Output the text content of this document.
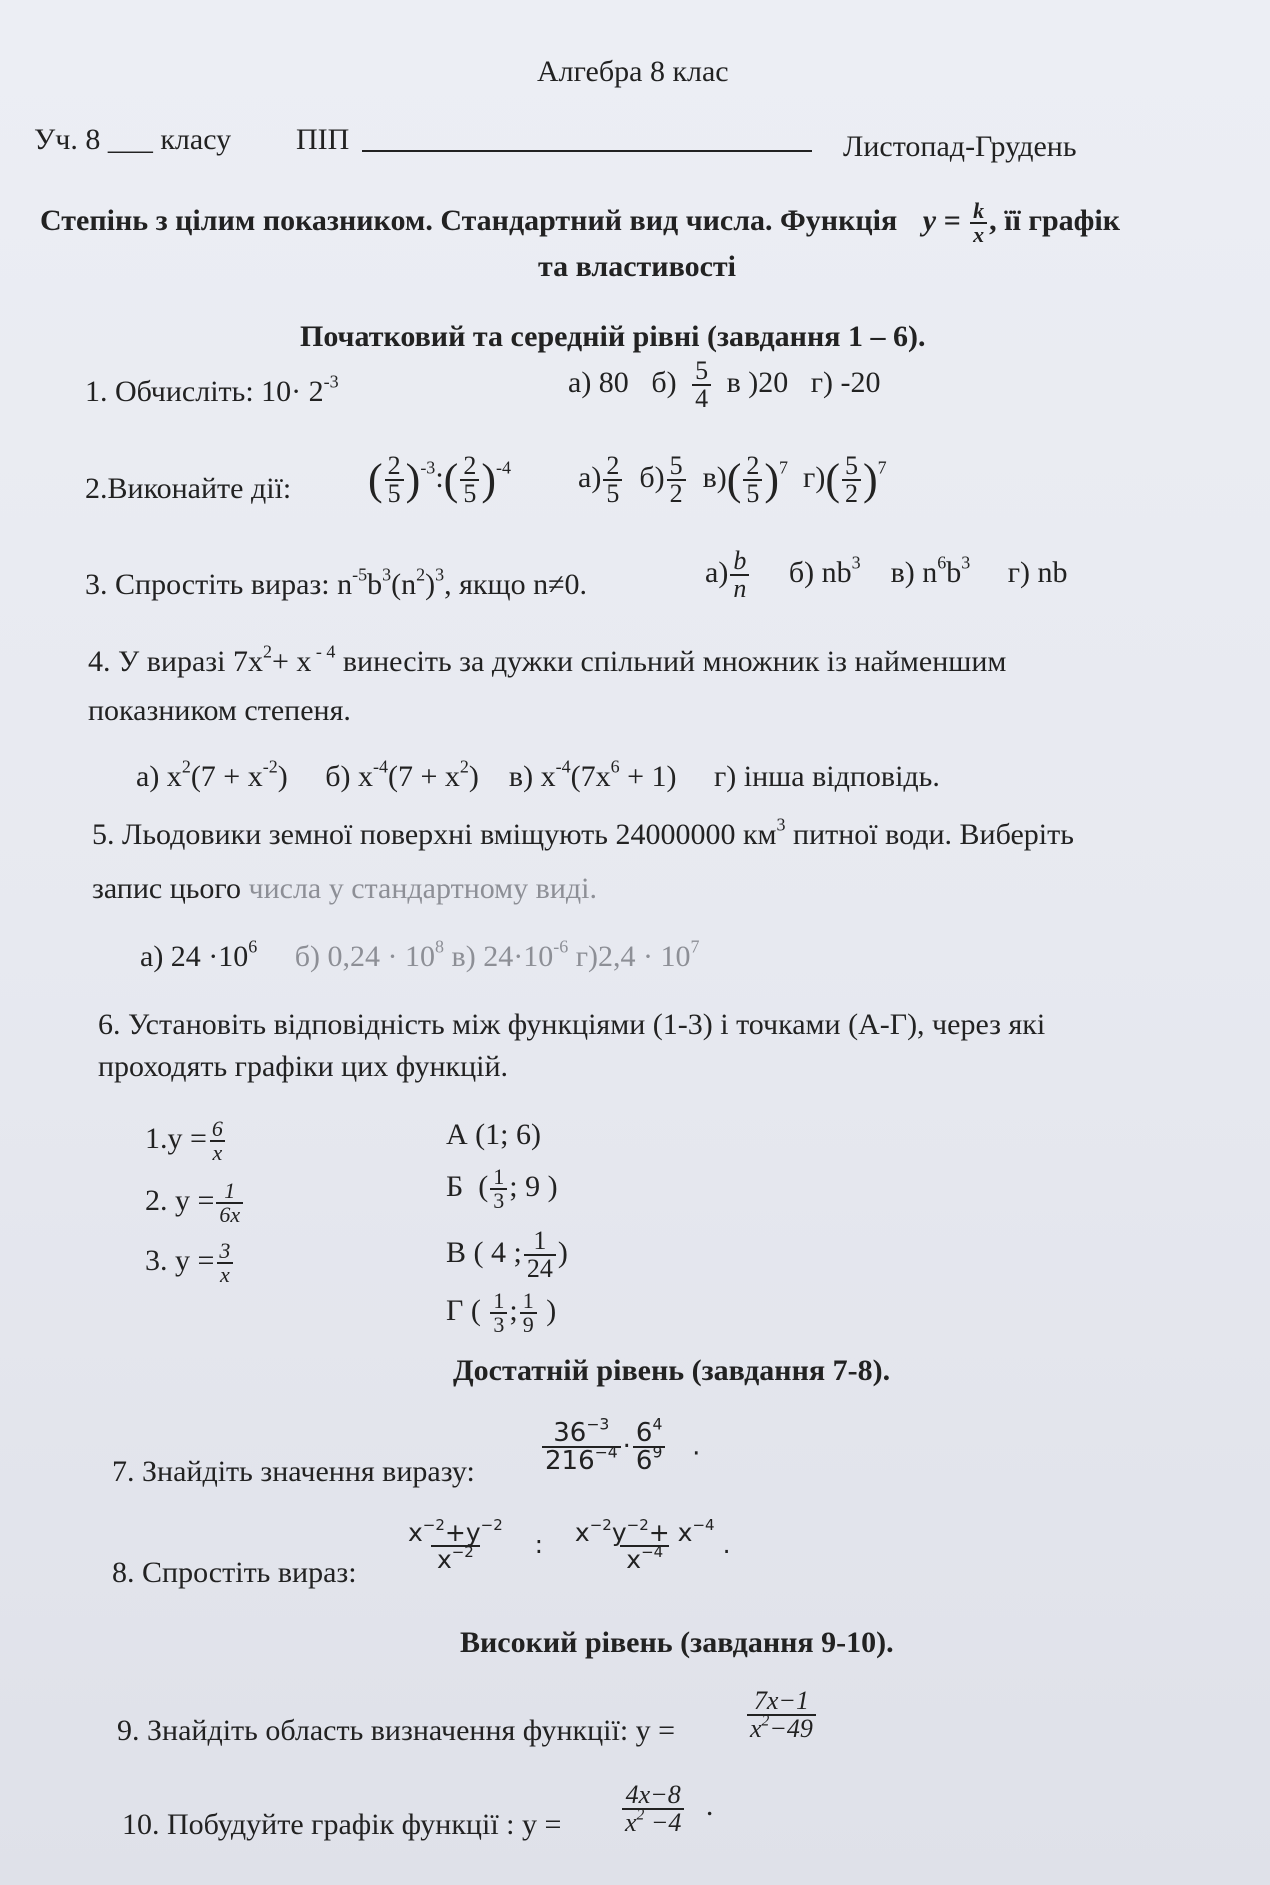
Алгебра 8 клас
Уч. 8 ___ класу ПІП	Листопад-Грудень
Степінь з цілим показником. Стандартний вид числа. Функція $y = \frac{k}{x}$ , її графік
та властивості
Початковий та середній рівні (завдання 1 – 6).
1. Обчисліть: $10\cdot 2^{-3}$	а) 80 $б) \frac{5}{4}$ в )20 г) -20
2.Виконайте дії: ( $\frac{2}{5}$ )$^{-3}$:( $\frac{2}{5} )^{-4}$ $а) \frac{2}{5} б) \frac{5}{2} в)( \frac{2}{5} )^7$ $г)( \frac{5}{2} )^7$
3. Спростіть вираз: $n^{-5}b^3(n^2)^3$, якщо n≠0.	$а) \frac{b}{n} б$) $nb^3$ в) $n^6b^3$ г) nb
4. У виразі $7x^2+ x$ $^{- 4}$ винесіть за дужки спільний множник із найменшим
показником степеня.
а) $x^2(7 + x^{-2})$ б) $x^{-4}(7 + x^2)$ в) $x^{-4}(7x^6 + 1)$ г) інша відповідь.
5. Льодовики земної поверхні вміщують 24000000 $км^3$ питної води. Виберіть
запис цього числа у стандартному виді.
а) $24 \cdot 10^6$ б) $0,24 \cdot 10^8$ в) $24\cdot 10^{-6}$ $г)2,4 \cdot 10^7$
6. Установіть відповідність між функціями (1-3) і точками (А-Г), через які
проходять графіки цих функцій.
$1.y = \frac{6}{x}$
2. $y = \frac{1}{6x}$
3. $y = \frac{3}{x}$
А (1; 6)
Б ( $\frac{1}{3}$ ; 9 )
В ( 4 ; $\frac{1}{24}$ )
Г ( $\frac{1}{3}$ ; $\frac{1}{9}$ )
Достатній рівень (завдання 7-8).
7. Знайдіть значення виразу:	$\frac{36^{-3}}{216^{-4}} \cdot \frac{6^4}{6^9}$ .
8. Спростіть вираз:
$\frac{x^{-2}+y^{-2}}{x^{-2}}$ : $\frac{x^{-2}y^{-2}+ x^{-4}}{x^{-4}}$ .
Високий рівень (завдання 9-10).
9. Знайдіть область визначення функції: у =	$\frac{7x-1}{x^2-49}$
10. Побудуйте графік функції : $у = \frac{4x-8}{x^2 -4}$ .
